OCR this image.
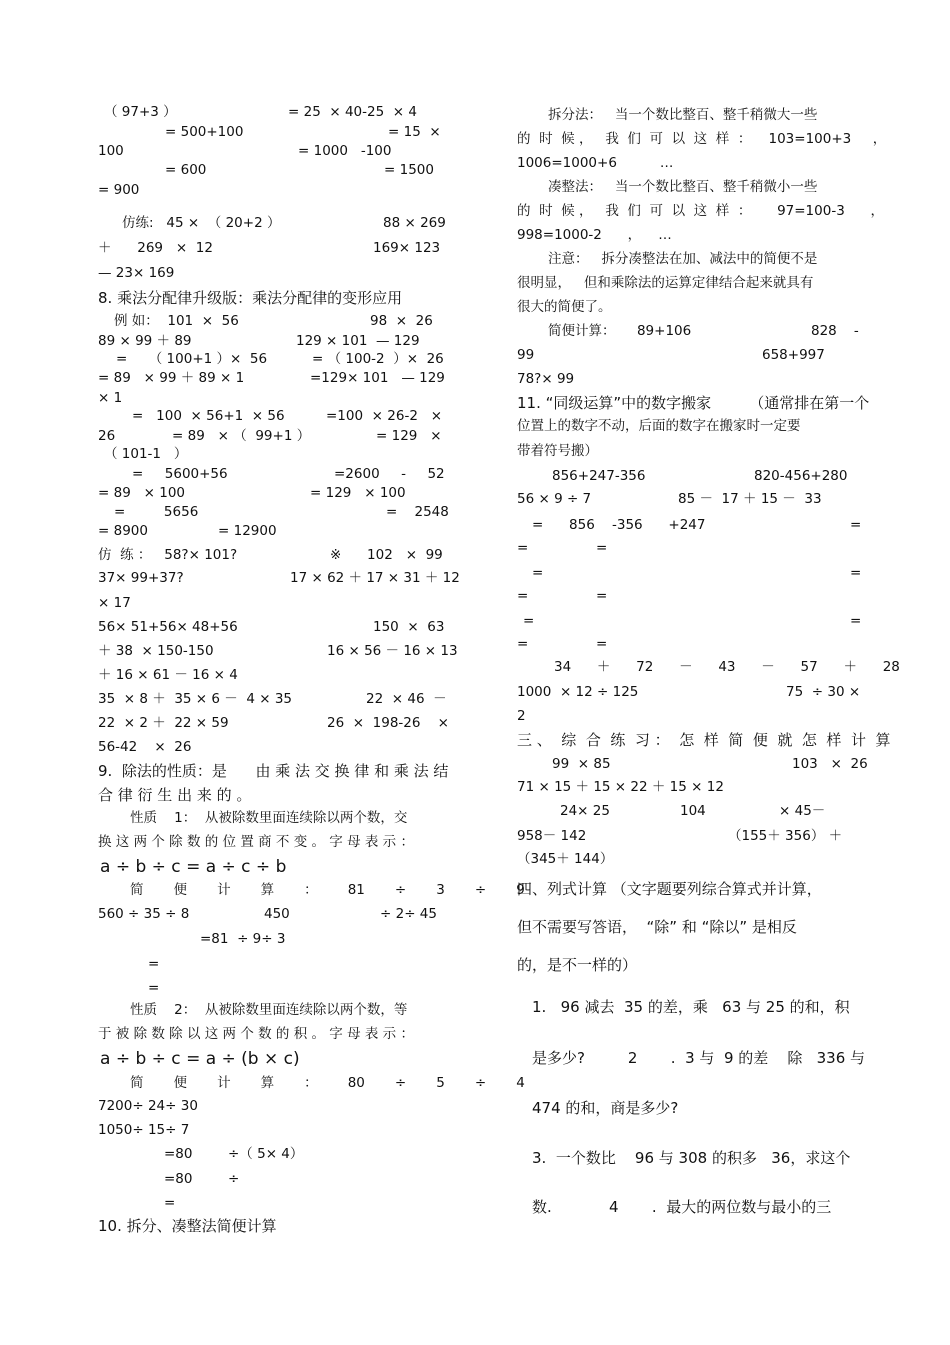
（ 97+3 ）	= 25  × 40-25  × 4
= 500+100	= 15  ×
100	= 1000   -100
= 600	= 1500
= 900
仿练:   45 ×  （ 20+2 ）	88 × 269
＋      269   ×  12	169× 123
— 23× 169
8. 乘法分配律升级版：乘法分配律的变形应用
例 如：  101  ×  56	98  ×  26
89 × 99 ＋ 89	129 × 101  — 129
=     （ 100+1 ）×  56	= （ 100-2  ）×  26
= 89   × 99 ＋ 89 × 1	=129× 101   — 129
× 1
=   100  × 56+1  × 56	=100  × 26-2   ×
26	= 89   × （  99+1 ）	= 129   ×
（ 101-1   ）
=     5600+56	=2600     -     52
= 89   × 100	= 129   × 100
=         5656	=    2548
= 8900	= 12900
仿  练 ：   58?× 101?	※      102   ×  99
37× 99+37?	17 × 62 ＋ 17 × 31 ＋ 12
× 17
56× 51+56× 48+56	150  ×  63
＋ 38  × 150-150	16 × 56 － 16 × 13
＋ 16 × 61 － 16 × 4
35  × 8 ＋  35 × 6 －  4 × 35	22  × 46  －
22  × 2 ＋  22 × 59	26  ×  198-26    ×
56-42    ×  26
9.  除法的性质：是      由 乘 法 交 换 律 和 乘 法 结
合 律 衍 生 出 来 的 。
性质    1：  从被除数里面连续除以两个数，交
换 这 两 个 除 数 的 位 置 商 不 变 。 字 母 表 示 ：
a ÷ b ÷ c = a ÷ c ÷ b
简       便       计       算       ：       81       ÷       3       ÷       9
560 ÷ 35 ÷ 8	450	÷ 2÷ 45
=81  ÷ 9÷ 3
=
=
性质    2：  从被除数里面连续除以两个数，等
于 被 除 数 除 以 这 两 个 数 的 积 。 字 母 表 示 ：
a ÷ b ÷ c = a ÷ (b × c)
简       便       计       算       ：       80       ÷       5       ÷       4
7200÷ 24÷ 30
1050÷ 15÷ 7
=80	÷（ 5× 4）
=80	÷
=
10. 拆分、凑整法简便计算
拆分法：   当一个数比整百、整千稍微大一些
的  时  候 ，   我  们  可  以  这  样  ：    103=100+3     ，
1006=1000+6          …
凑整法：   当一个数比整百、整千稍微小一些
的  时  候 ，   我  们  可  以  这  样  ：      97=100-3      ，
998=1000-2      ，    …
注意：   拆分凑整法在加、减法中的简便不是
很明显，   但和乘除法的运算定律结合起来就具有
很大的简便了。
简便计算：     89+106	828    -
99	658+997
78?× 99
11. “同级运算”中的数字搬家        （通常排在第一个
位置上的数字不动，后面的数字在搬家时一定要
带着符号搬）
856+247-356	820-456+280
56 × 9 ÷ 7	85 －  17 ＋ 15 －  33
=      856    -356      +247	=
=	=
=	=
=	=
=	=
=	=
34      ＋      72      －      43      －      57      ＋      28
1000  × 12 ÷ 125	75  ÷ 30 ×
2
三 、  综  合  练  习 ：  怎  样  简  便  就  怎  样  计  算
99  × 85	103   ×  26
71 × 15 ＋ 15 × 22 ＋ 15 × 12
24× 25	104	× 45－
958－ 142	（155＋ 356） ＋
（345＋ 144）
四、列式计算 （文字题要列综合算式并计算，
但不需要写答语，  “除” 和 “除以” 是相反
的，是不一样的）
1.   96 减去  35 的差，乘   63 与 25 的和，积
是多少?         2       .  3 与  9 的差    除   336 与
474 的和，商是多少?
3.  一个数比    96 与 308 的积多   36，求这个
数.            4       .  最大的两位数与最小的三
